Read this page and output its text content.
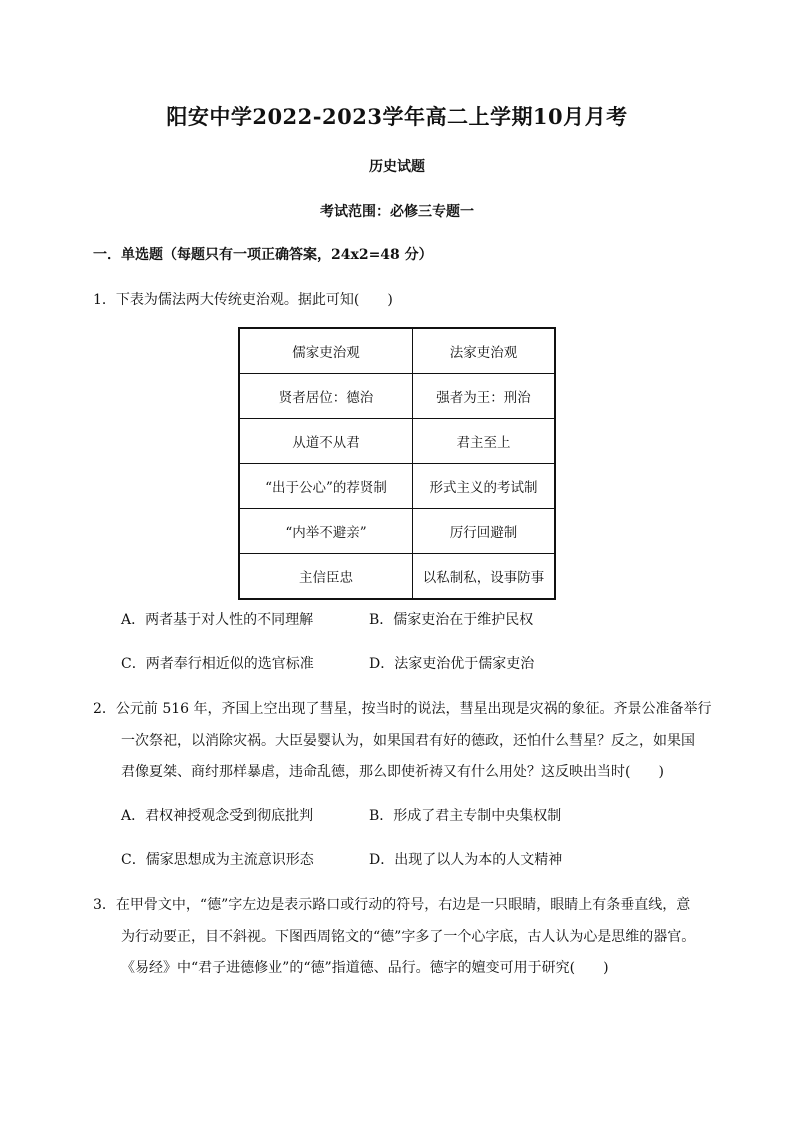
阳安中学2022-2023学年高二上学期10月月考
历史试题
考试范围：必修三专题一
一．单选题（每题只有一项正确答案，24x2=48 分）
1．下表为儒法两大传统吏治观。据此可知(　　)
儒家吏治观	法家吏治观
贤者居位：德治	强者为王：刑治
从道不从君	君主至上
“出于公心”的荐贤制	形式主义的考试制
“内举不避亲”	厉行回避制
主信臣忠	以私制私，设事防事
A．两者基于对人性的不同理解	B．儒家吏治在于维护民权
C．两者奉行相近似的选官标准	D．法家吏治优于儒家吏治
2．公元前 516 年，齐国上空出现了彗星，按当时的说法，彗星出现是灾祸的象征。齐景公准备举行
一次祭祀，以消除灾祸。大臣晏婴认为，如果国君有好的德政，还怕什么彗星？反之，如果国
君像夏桀、商纣那样暴虐，违命乱德，那么即使祈祷又有什么用处？这反映出当时(　　)
A．君权神授观念受到彻底批判	B．形成了君主专制中央集权制
C．儒家思想成为主流意识形态	D．出现了以人为本的人文精神
3．在甲骨文中，“德”字左边是表示路口或行动的符号，右边是一只眼睛，眼睛上有条垂直线，意
为行动要正，目不斜视。下图西周铭文的“德”字多了一个心字底，古人认为心是思维的器官。
《易经》中“君子进德修业”的“德”指道德、品行。德字的嬗变可用于研究(　　)
